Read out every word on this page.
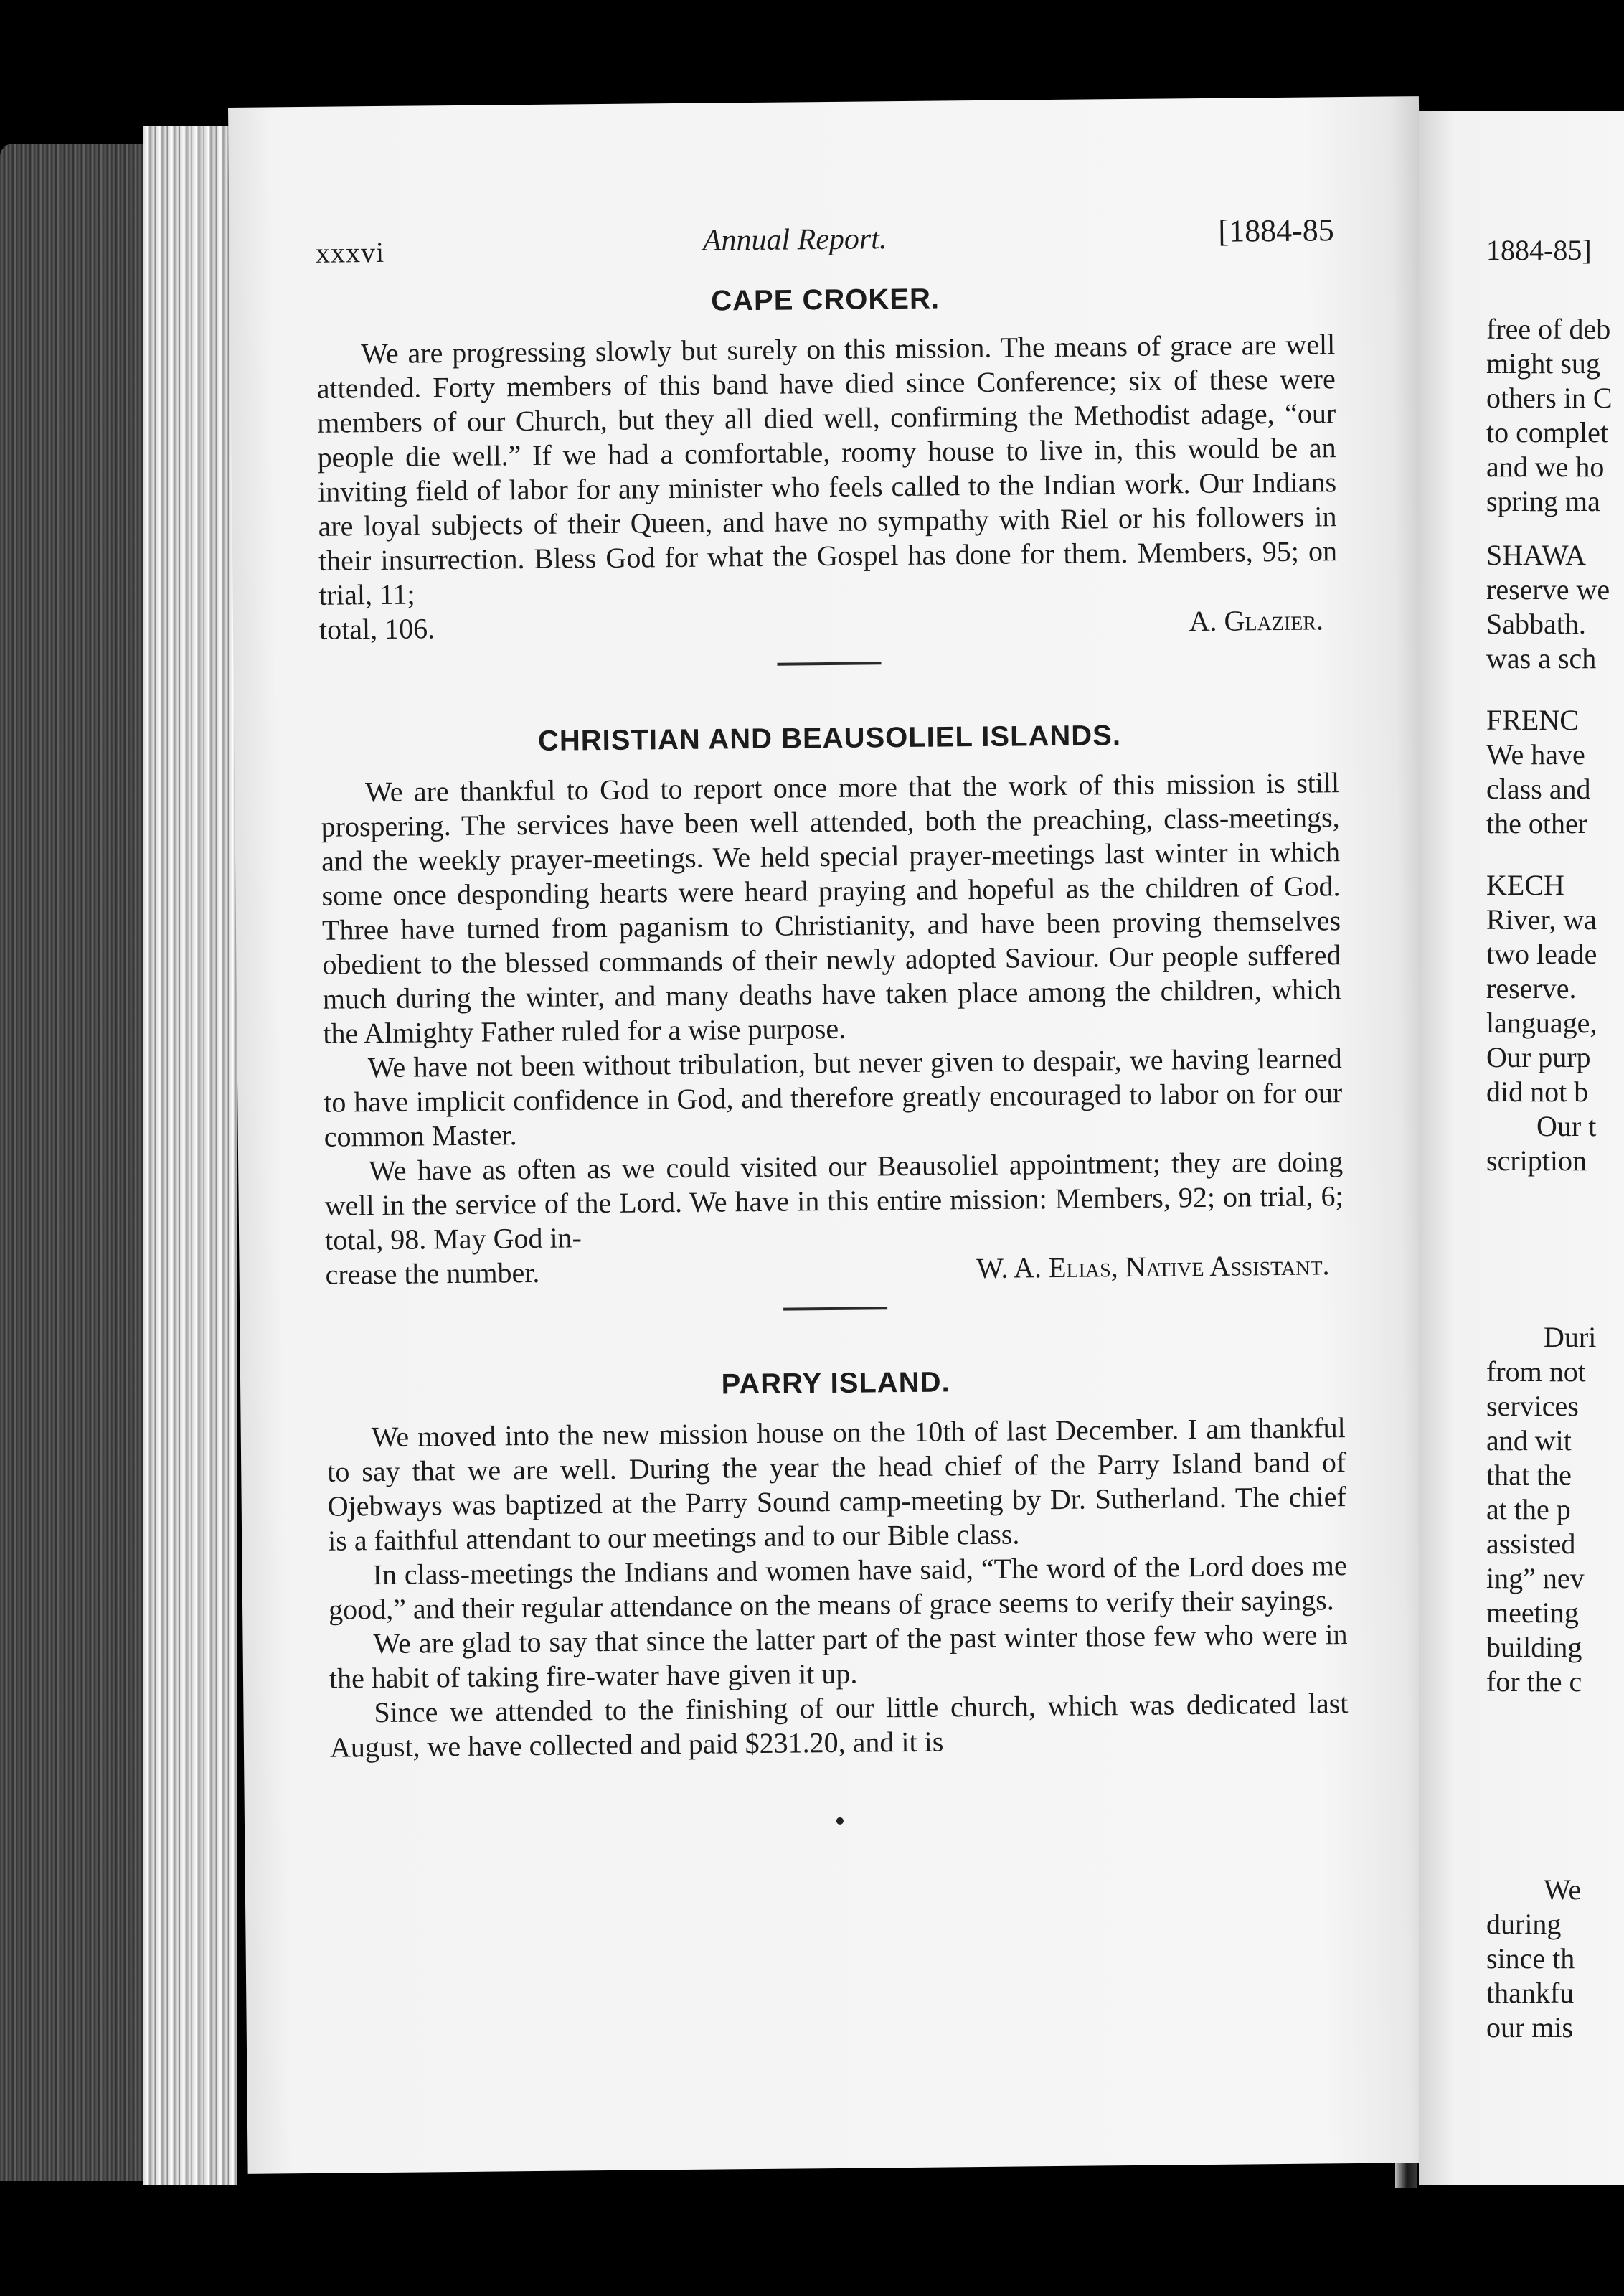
xxxvi	Annual Report.	[1884-85
CAPE CROKER.

We are progressing slowly but surely on this mission. The means of grace are well attended. Forty members of this band have died since Conference; six of these were members of our Church, but they all died well, confirming the Methodist adage, “our people die well.” If we had a comfortable, roomy house to live in, this would be an inviting field of labor for any minister who feels called to the Indian work. Our Indians are loyal subjects of their Queen, and have no sympathy with Riel or his followers in their insurrection. Bless God for what the Gospel has done for them. Members, 95; on trial, 11;

total, 106.	A. Glazier.
CHRISTIAN AND BEAUSOLIEL ISLANDS.

We are thankful to God to report once more that the work of this mission is still prospering. The services have been well attended, both the preaching, class-meetings, and the weekly prayer-meetings. We held special prayer-meetings last winter in which some once desponding hearts were heard praying and hopeful as the children of God. Three have turned from paganism to Christianity, and have been proving themselves obedient to the blessed commands of their newly adopted Saviour. Our people suffered much during the winter, and many deaths have taken place among the children, which the Almighty Father ruled for a wise purpose.

We have not been without tribulation, but never given to despair, we having learned to have implicit confidence in God, and therefore greatly encouraged to labor on for our common Master.

We have as often as we could visited our Beausoliel appointment; they are doing well in the service of the Lord. We have in this entire mission: Members, 92; on trial, 6; total, 98. May God in-

crease the number.	W. A. Elias, Native Assistant.
PARRY ISLAND.

We moved into the new mission house on the 10th of last December. I am thankful to say that we are well. During the year the head chief of the Parry Island band of Ojebways was baptized at the Parry Sound camp-meeting by Dr. Sutherland. The chief is a faithful attendant to our meetings and to our Bible class.

In class-meetings the Indians and women have said, “The word of the Lord does me good,” and their regular attendance on the means of grace seems to verify their sayings.

We are glad to say that since the latter part of the past winter those few who were in the habit of taking fire-water have given it up.

Since we attended to the finishing of our little church, which was dedicated last August, we have collected and paid $231.20, and it is

1884-85]
free of deb
might sug
others in C
to complet
and we ho
spring ma
SHAWA
reserve we
Sabbath.
was a sch
FRENC
We have
class and
the other
KECH
River, wa
two leade
reserve.
language,
Our purp
did not b
Our t
scription
Duri
from not
services
and wit
that the
at the p
assisted
ing” nev
meeting
building
for the c
We
during
since th
thankfu
our mis
